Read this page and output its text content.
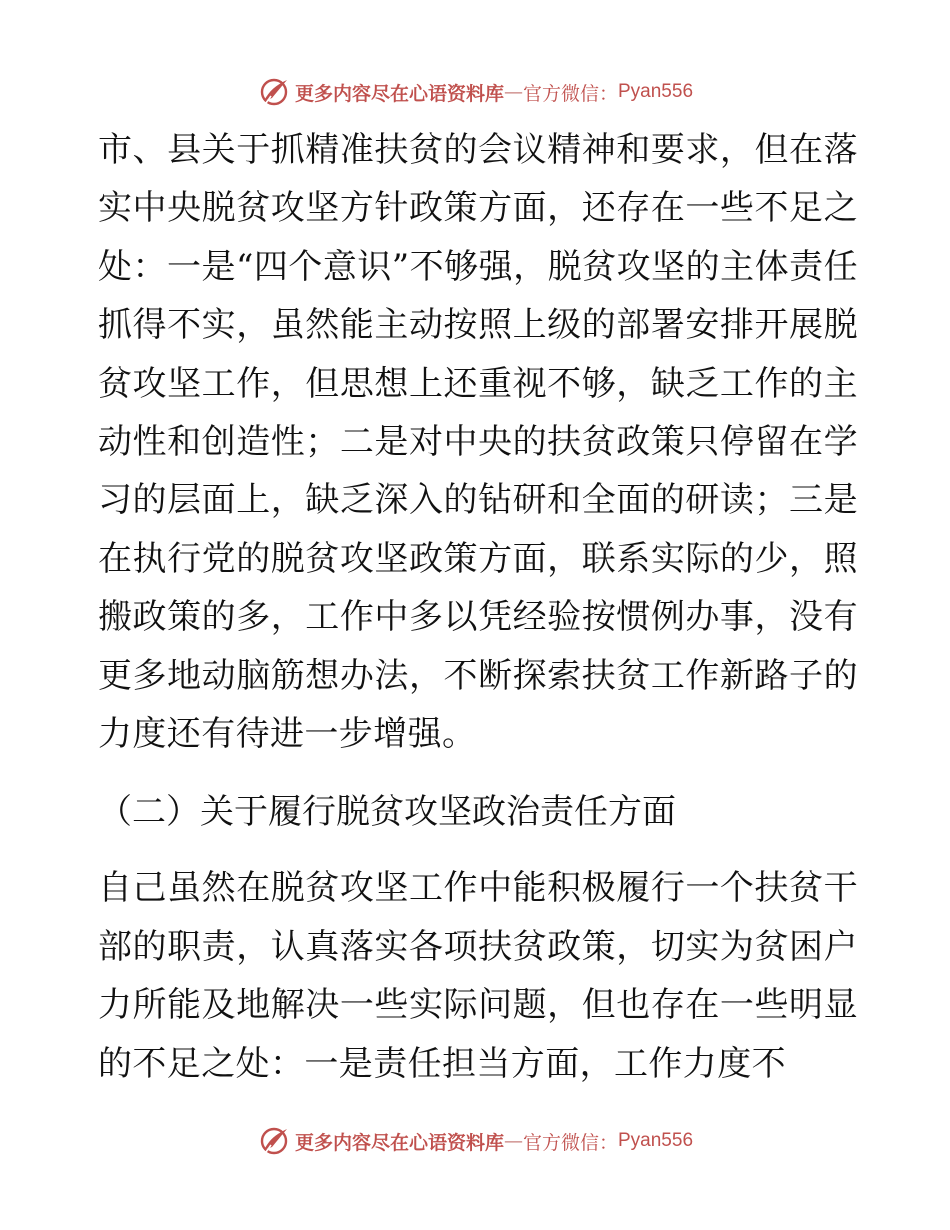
更多内容尽在心语资料库 — 官方微信： Pyan556

市、县关于抓精准扶贫的会议精神和要求，但在落实中央脱贫攻坚方针政策方面，还存在一些不足之处：一是“四个意识”不够强，脱贫攻坚的主体责任抓得不实，虽然能主动按照上级的部署安排开展脱贫攻坚工作，但思想上还重视不够，缺乏工作的主动性和创造性；二是对中央的扶贫政策只停留在学习的层面上，缺乏深入的钻研和全面的研读；三是在执行党的脱贫攻坚政策方面，联系实际的少，照搬政策的多，工作中多以凭经验按惯例办事，没有更多地动脑筋想办法，不断探索扶贫工作新路子的力度还有待进一步增强。

（二）关于履行脱贫攻坚政治责任方面

自己虽然在脱贫攻坚工作中能积极履行一个扶贫干部的职责，认真落实各项扶贫政策，切实为贫困户力所能及地解决一些实际问题，但也存在一些明显的不足之处：一是责任担当方面，工作力度不

更多内容尽在心语资料库 — 官方微信： Pyan556
